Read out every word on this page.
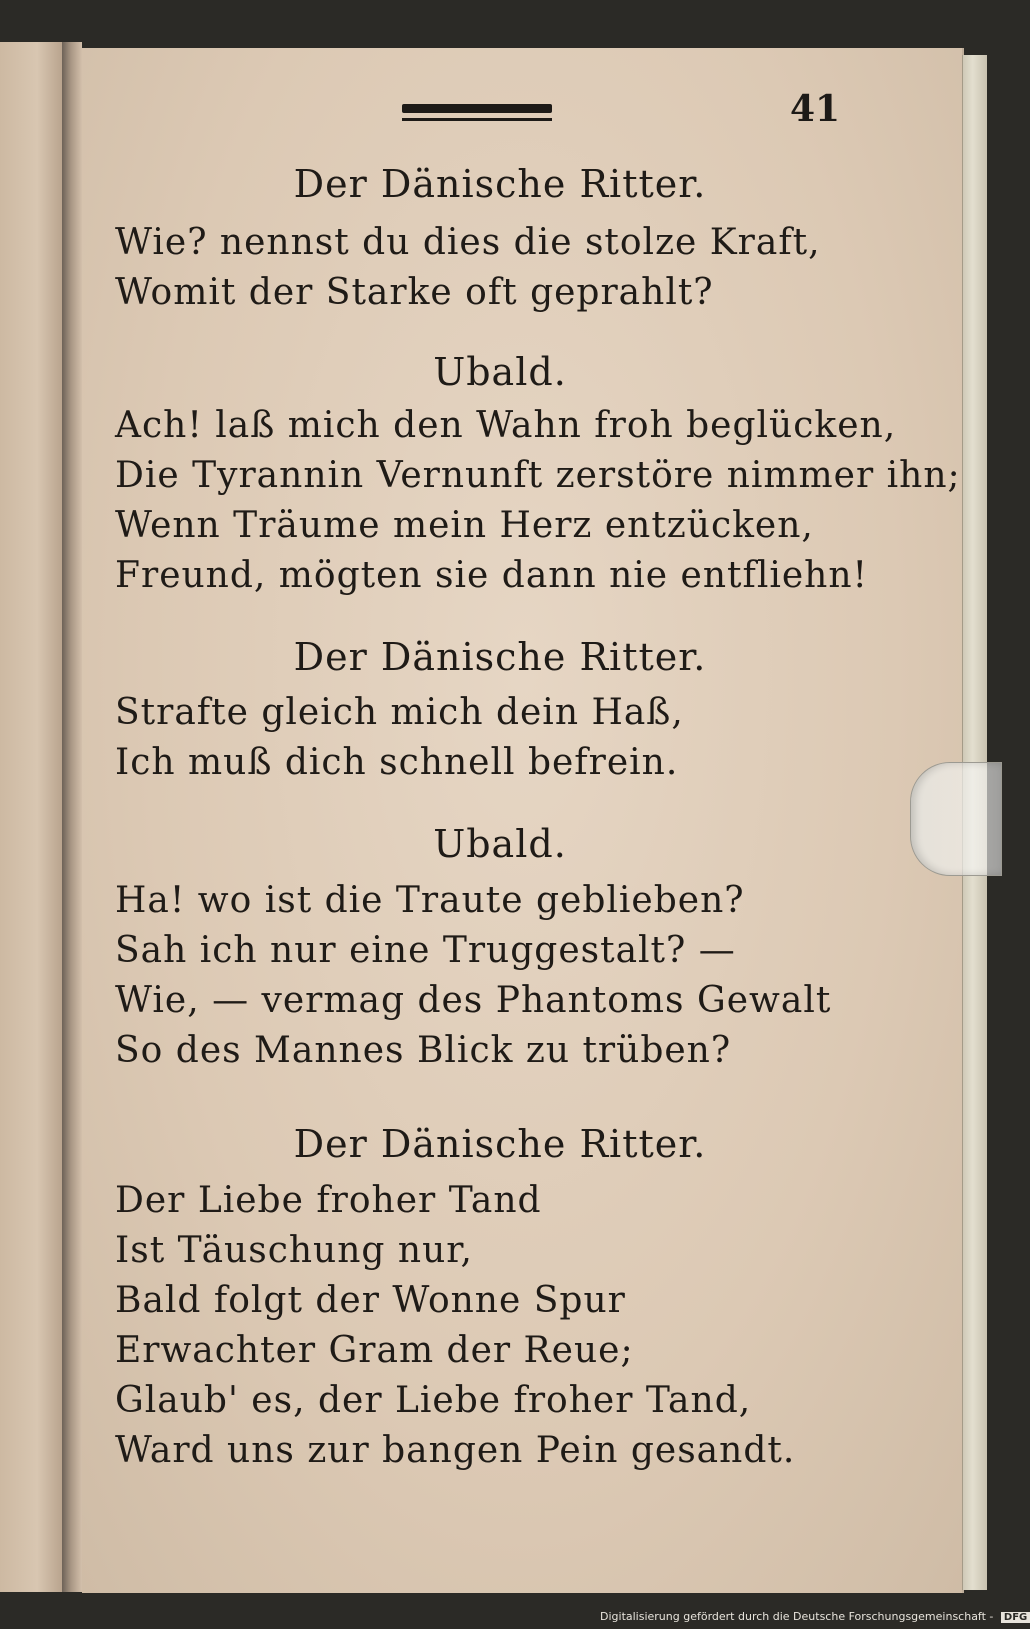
41

Der Dänische Ritter.

Wie? nennst du dies die stolze Kraft,

Womit der Starke oft geprahlt?

Ubald.

Ach! laß mich den Wahn froh beglücken,

Die Tyrannin Vernunft zerstöre nimmer ihn;

Wenn Träume mein Herz entzücken,

Freund, mögten sie dann nie entfliehn!

Der Dänische Ritter.

Strafte gleich mich dein Haß,

Ich muß dich schnell befrein.

Ubald.

Ha! wo ist die Traute geblieben?

Sah ich nur eine Truggestalt? —

Wie, — vermag des Phantoms Gewalt

So des Mannes Blick zu trüben?

Der Dänische Ritter.

Der Liebe froher Tand

Ist Täuschung nur,

Bald folgt der Wonne Spur

Erwachter Gram der Reue;

Glaub' es, der Liebe froher Tand,

Ward uns zur bangen Pein gesandt.

Digitalisierung gefördert durch die Deutsche Forschungsgemeinschaft - DFG
